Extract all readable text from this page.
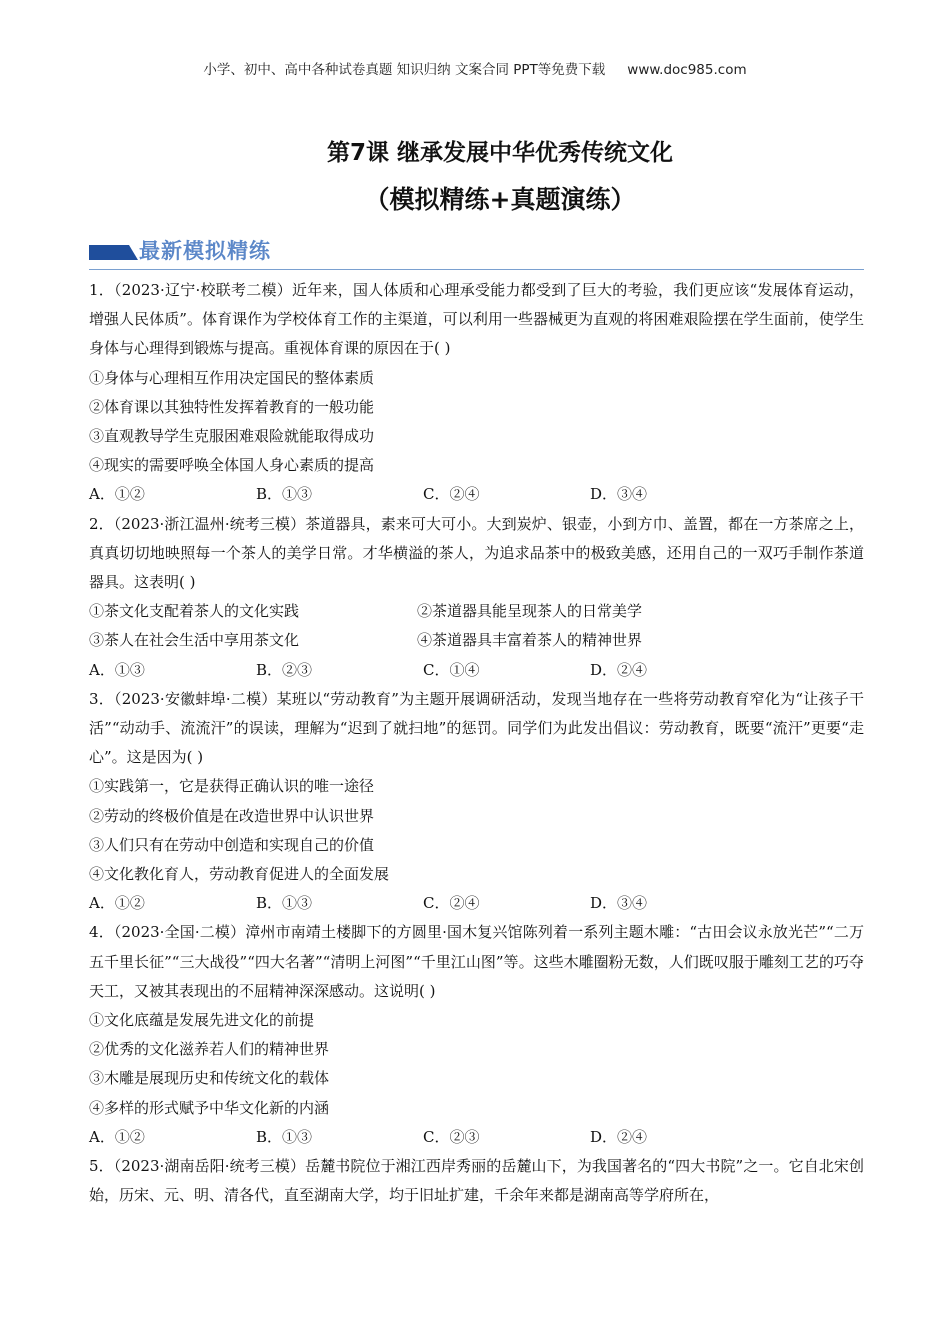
小学、初中、高中各种试卷真题 知识归纳 文案合同 PPT等免费下载 www.doc985.com
第7课 继承发展中华优秀传统文化
（模拟精练+真题演练）
最新模拟精练

1．（2023·辽宁·校联考二模）近年来，国人体质和心理承受能力都受到了巨大的考验，我们更应该“发展体育运动，增强人民体质”。体育课作为学校体育工作的主渠道，可以利用一些器械更为直观的将困难艰险摆在学生面前，使学生身体与心理得到锻炼与提高。重视体育课的原因在于( )

①身体与心理相互作用决定国民的整体素质

②体育课以其独特性发挥着教育的一般功能

③直观教导学生克服困难艰险就能取得成功

④现实的需要呼唤全体国人身心素质的提高

A．①②	B．①③	C．②④	D．③④

2．（2023·浙江温州·统考三模）茶道器具，素来可大可小。大到炭炉、银壶，小到方巾、盖置，都在一方茶席之上，真真切切地映照每一个茶人的美学日常。才华横溢的茶人，为追求品茶中的极致美感，还用自己的一双巧手制作茶道器具。这表明( )

①茶文化支配着茶人的文化实践	②茶道器具能呈现茶人的日常美学

③茶人在社会生活中享用茶文化	④茶道器具丰富着茶人的精神世界

A．①③	B．②③	C．①④	D．②④

3．（2023·安徽蚌埠·二模）某班以“劳动教育”为主题开展调研活动，发现当地存在一些将劳动教育窄化为“让孩子干活”“动动手、流流汗”的误读，理解为“迟到了就扫地”的惩罚。同学们为此发出倡议：劳动教育，既要“流汗”更要“走心”。这是因为( )

①实践第一，它是获得正确认识的唯一途径

②劳动的终极价值是在改造世界中认识世界

③人们只有在劳动中创造和实现自己的价值

④文化教化育人，劳动教育促进人的全面发展

A．①②	B．①③	C．②④	D．③④

4．（2023·全国·二模）漳州市南靖土楼脚下的方圆里·国木复兴馆陈列着一系列主题木雕：“古田会议永放光芒”“二万五千里长征”“三大战役”“四大名著”“清明上河图”“千里江山图”等。这些木雕圈粉无数，人们既叹服于雕刻工艺的巧夺天工，又被其表现出的不屈精神深深感动。这说明( )

①文化底蕴是发展先进文化的前提

②优秀的文化滋养若人们的精神世界

③木雕是展现历史和传统文化的载体

④多样的形式赋予中华文化新的内涵

A．①②	B．①③	C．②③	D．②④

5．（2023·湖南岳阳·统考三模）岳麓书院位于湘江西岸秀丽的岳麓山下，为我国著名的“四大书院”之一。它自北宋创始，历宋、元、明、清各代，直至湖南大学，均于旧址扩建，千余年来都是湖南高等学府所在，
